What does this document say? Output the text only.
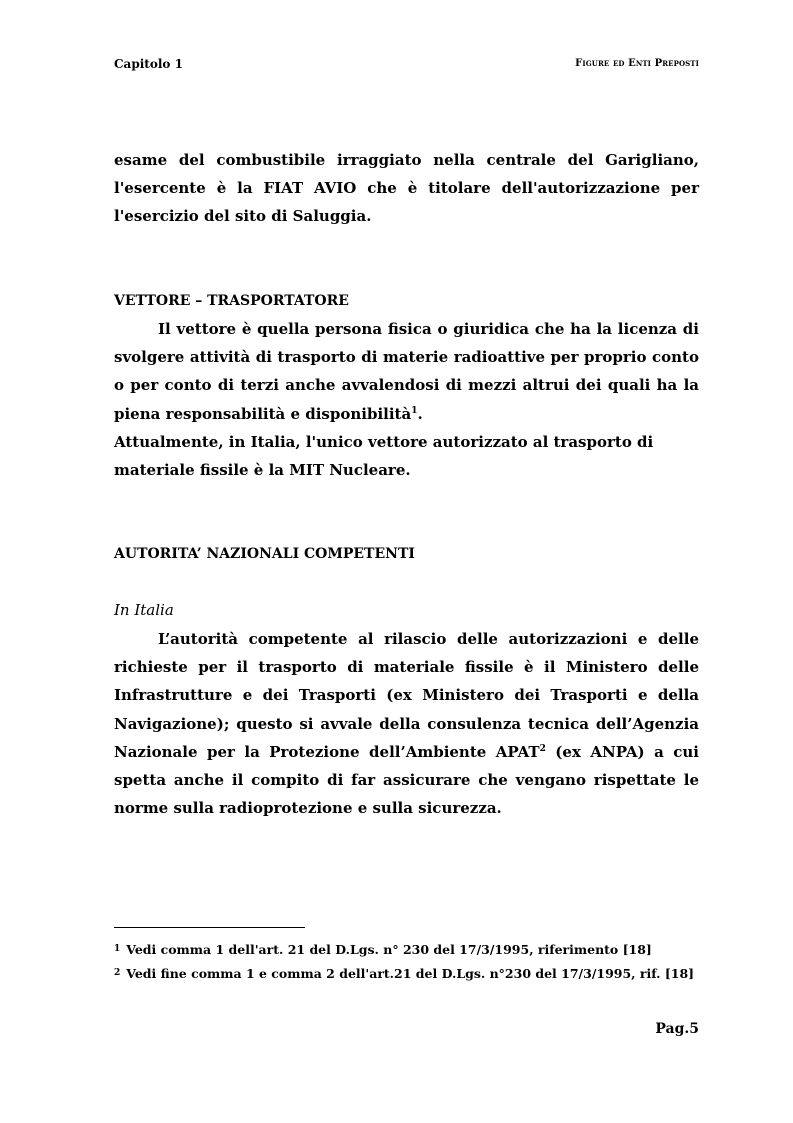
Capitolo 1	Figure ed Enti Preposti

esame del combustibile irraggiato nella centrale del Garigliano, l'esercente è la FIAT AVIO che è titolare dell'autorizzazione per l'esercizio del sito di Saluggia.

VETTORE – TRASPORTATORE

Il vettore è quella persona fisica o giuridica che ha la licenza di svolgere attività di trasporto di materie radioattive per proprio conto o per conto di terzi anche avvalendosi di mezzi altrui dei quali ha la piena responsabilità e disponibilità$^1$.

Attualmente, in Italia, l'unico vettore autorizzato al trasporto di materiale fissile è la MIT Nucleare.

AUTORITA’ NAZIONALI COMPETENTI
In Italia

L’autorità competente al rilascio delle autorizzazioni e delle richieste per il trasporto di materiale fissile è il Ministero delle Infrastrutture e dei Trasporti (ex Ministero dei Trasporti e della Navigazione); questo si avvale della consulenza tecnica dell’Agenzia Nazionale per la Protezione dell’Ambiente APAT$^2$ (ex ANPA) a cui spetta anche il compito di far assicurare che vengano rispettate le norme sulla radioprotezione e sulla sicurezza.

$^1$ Vedi comma 1 dell'art. 21 del D.Lgs. n° 230 del 17/3/1995, riferimento [18]
$^2$ Vedi fine comma 1 e comma 2 dell'art.21 del D.Lgs. n°230 del 17/3/1995, rif. [18]
Pag.5
